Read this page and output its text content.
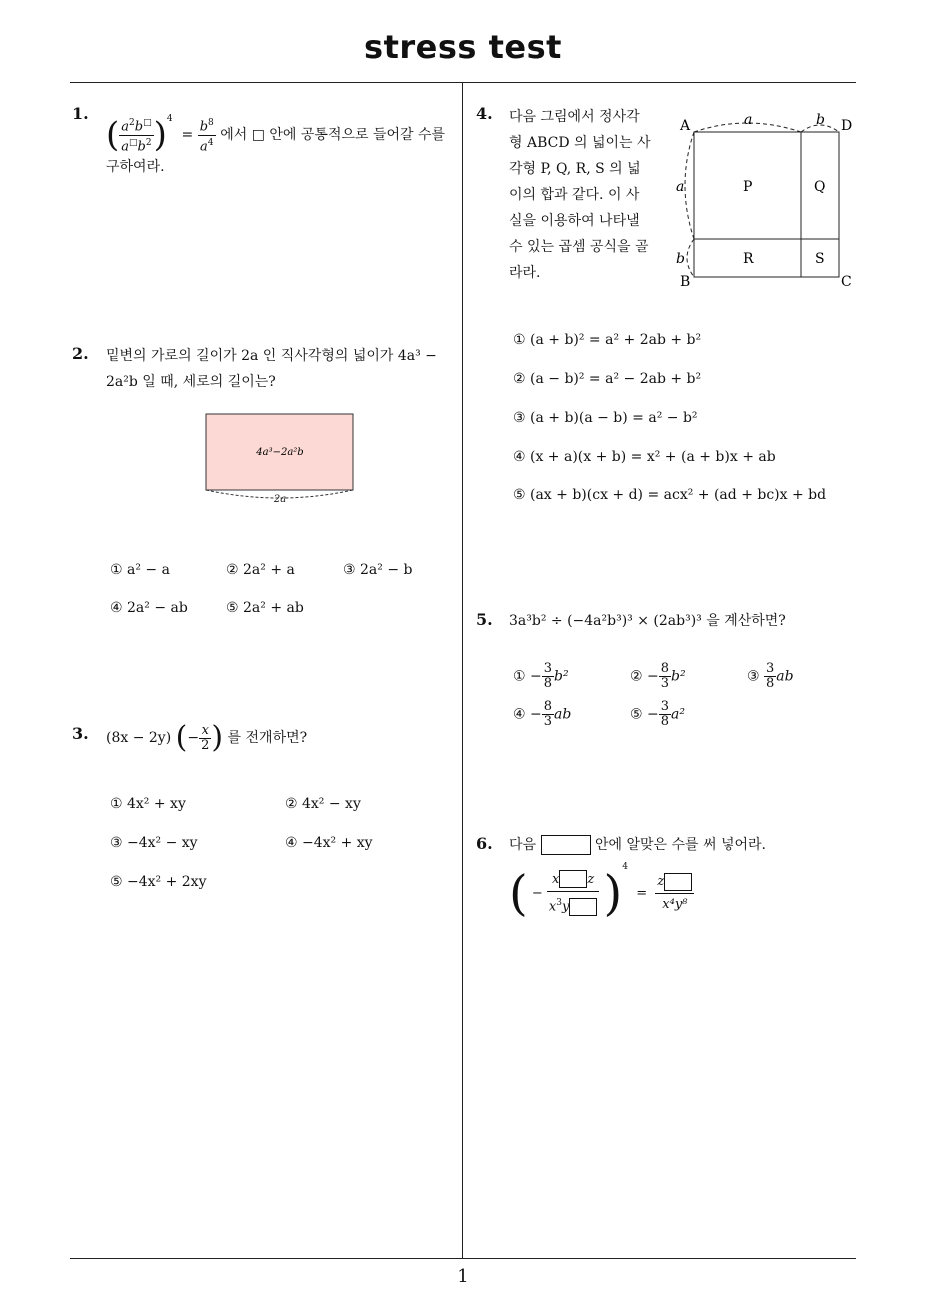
stress test
1.
( $\frac{a^2b^□}{a^□b^2} )^4 = \frac{b^8}{a^4}$ 에서 □ 안에 공통적으로 들어갈 수를
구하여라.
2. 밑변의 가로의 길이가 2a 인 직사각형의 넓이가 4a³ −
2a²b 일 때, 세로의 길이는?
4a³−2a²b
2a
① a² − a	② 2a² + a	③ 2a² − b
④ 2a² − ab	⑤ 2a² + ab
3. (8x − 2y) (− $\frac{x}{2}$ ) 를 전개하면?
① 4x² + xy	② 4x² − xy
③ −4x² − xy	④ −4x² + xy
⑤ −4x² + 2xy
4. 다음 그림에서 정사각
형 ABCD 의 넓이는 사
각형 P, Q, R, S 의 넓
이의 합과 같다. 이 사
실을 이용하여 나타낼
수 있는 곱셈 공식을 골
라라.
A	D
B	C
a	b
a
b
P	Q
R	S
① (a + b)² = a² + 2ab + b²
② (a − b)² = a² − 2ab + b²
③ (a + b)(a − b) = a² − b²
④ (x + a)(x + b) = x² + (a + b)x + ab
⑤ (ax + b)(cx + d) = acx² + (ad + bc)x + bd
5. 3a³b² ÷ (−4a²b³)³ × (2ab³)³ 을 계산하면?
① − $\frac{3}{8} b^2$	② − $\frac{8}{3} b^2$	③ $\frac{3}{8}$ ab
④ − $\frac{8}{3}$ ab	⑤ − $\frac{3}{8} a^2$
6. 다음	안에 알맞은 수를 써 넣어라.
( − $\frac{\text{x z}}{x^3y} )^4 = \frac{z}{\text{x⁴y⁸}}$
1
